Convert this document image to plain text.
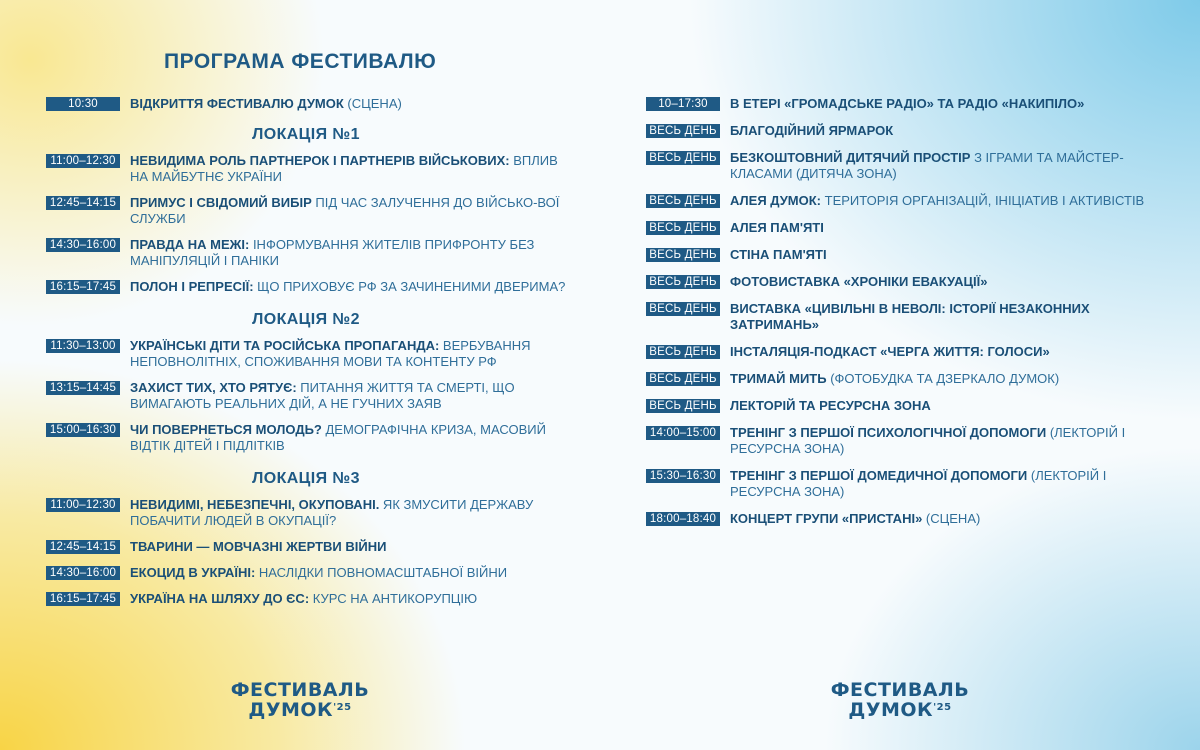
ПРОГРАМА ФЕСТИВАЛЮ
10:30	ВІДКРИТТЯ ФЕСТИВАЛЮ ДУМОК (СЦЕНА)
ЛОКАЦІЯ №1
11:00–12:30	НЕВИДИМА РОЛЬ ПАРТНЕРОК І ПАРТНЕРІВ ВІЙСЬКОВИХ: ВПЛИВ НА МАЙБУТНЄ УКРАЇНИ
12:45–14:15	ПРИМУС І СВІДОМИЙ ВИБІР ПІД ЧАС ЗАЛУЧЕННЯ ДО ВІЙСЬКО-ВОЇ СЛУЖБИ
14:30–16:00	ПРАВДА НА МЕЖІ: ІНФОРМУВАННЯ ЖИТЕЛІВ ПРИФРОНТУ БЕЗ МАНІПУЛЯЦІЙ І ПАНІКИ
16:15–17:45	ПОЛОН І РЕПРЕСІЇ: ЩО ПРИХОВУЄ РФ ЗА ЗАЧИНЕНИМИ ДВЕРИМА?
ЛОКАЦІЯ №2
11:30–13:00	УКРАЇНСЬКІ ДІТИ ТА РОСІЙСЬКА ПРОПАГАНДА: ВЕРБУВАННЯ НЕПОВНОЛІТНІХ, СПОЖИВАННЯ МОВИ ТА КОНТЕНТУ РФ
13:15–14:45	ЗАХИСТ ТИХ, ХТО РЯТУЄ: ПИТАННЯ ЖИТТЯ ТА СМЕРТІ, ЩО ВИМАГАЮТЬ РЕАЛЬНИХ ДІЙ, А НЕ ГУЧНИХ ЗАЯВ
15:00–16:30	ЧИ ПОВЕРНЕТЬСЯ МОЛОДЬ? ДЕМОГРАФІЧНА КРИЗА, МАСОВИЙ ВІДТІК ДІТЕЙ І ПІДЛІТКІВ
ЛОКАЦІЯ №3
11:00–12:30	НЕВИДИМІ, НЕБЕЗПЕЧНІ, ОКУПОВАНІ. ЯК ЗМУСИТИ ДЕРЖАВУ ПОБАЧИТИ ЛЮДЕЙ В ОКУПАЦІЇ?
12:45–14:15	ТВАРИНИ — МОВЧАЗНІ ЖЕРТВИ ВІЙНИ
14:30–16:00	ЕКОЦИД В УКРАЇНІ: НАСЛІДКИ ПОВНОМАСШТАБНОЇ ВІЙНИ
16:15–17:45	УКРАЇНА НА ШЛЯХУ ДО ЄС: КУРС НА АНТИКОРУПЦІЮ
10–17:30	В ЕТЕРІ «ГРОМАДСЬКЕ РАДІО» ТА РАДІО «НАКИПІЛО»
ВЕСЬ ДЕНЬ БЛАГОДІЙНИЙ ЯРМАРОК
ВЕСЬ ДЕНЬ БЕЗКОШТОВНИЙ ДИТЯЧИЙ ПРОСТІР З ІГРАМИ ТА МАЙСТЕР-КЛАСАМИ (ДИТЯЧА ЗОНА)
ВЕСЬ ДЕНЬ АЛЕЯ ДУМОК: ТЕРИТОРІЯ ОРГАНІЗАЦІЙ, ІНІЦІАТИВ І АКТИВІСТІВ
ВЕСЬ ДЕНЬ АЛЕЯ ПАМ'ЯТІ
ВЕСЬ ДЕНЬ СТІНА ПАМ'ЯТІ
ВЕСЬ ДЕНЬ ФОТОВИСТАВКА «ХРОНІКИ ЕВАКУАЦІЇ»
ВЕСЬ ДЕНЬ ВИСТАВКА «ЦИВІЛЬНІ В НЕВОЛІ: ІСТОРІЇ НЕЗАКОННИХ ЗАТРИМАНЬ»
ВЕСЬ ДЕНЬ ІНСТАЛЯЦІЯ-ПОДКАСТ «ЧЕРГА ЖИТТЯ: ГОЛОСИ»
ВЕСЬ ДЕНЬ ТРИМАЙ МИТЬ (ФОТОБУДКА ТА ДЗЕРКАЛО ДУМОК)
ВЕСЬ ДЕНЬ ЛЕКТОРІЙ ТА РЕСУРСНА ЗОНА
14:00–15:00	ТРЕНІНГ З ПЕРШОЇ ПСИХОЛОГІЧНОЇ ДОПОМОГИ (ЛЕКТОРІЙ І РЕСУРСНА ЗОНА)
15:30–16:30	ТРЕНІНГ З ПЕРШОЇ ДОМЕДИЧНОЇ ДОПОМОГИ (ЛЕКТОРІЙ І РЕСУРСНА ЗОНА)
18:00–18:40	КОНЦЕРТ ГРУПИ «ПРИСТАНІ» (СЦЕНА)
ФЕСТИВАЛЬ
$ДУМОК^{'25}$
ФЕСТИВАЛЬ
$ДУМОК^{'25}$
